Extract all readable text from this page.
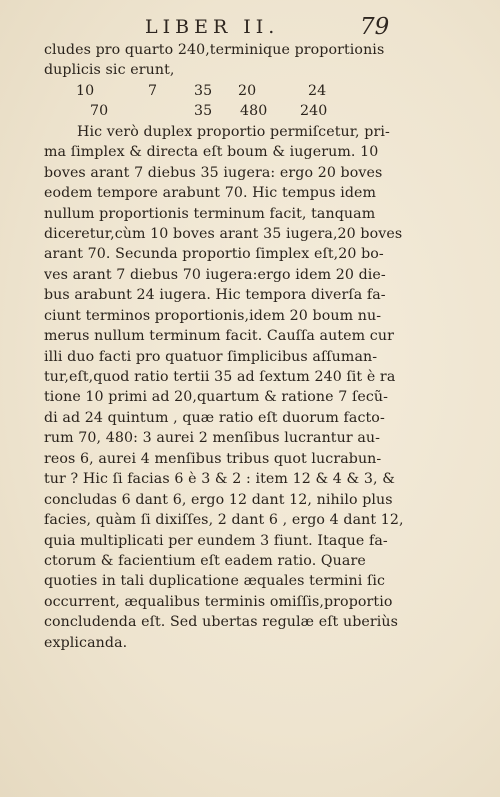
LIBER II.	79
cludes pro quarto 240,terminique proportionis
duplicis sic erunt,
10	7	35 20	24
70	35 480 240
Hic verò duplex proportio permiſcetur, pri-
ma ſimplex & directa eſt boum & iugerum. 10
boves arant 7 diebus 35 iugera: ergo 20 boves
eodem tempore arabunt 70. Hic tempus idem
nullum proportionis terminum facit, tanquam
diceretur,cùm 10 boves arant 35 iugera,20 boves
arant 70. Secunda proportio ſimplex eſt,20 bo-
ves arant 7 diebus 70 iugera:ergo idem 20 die-
bus arabunt 24 iugera. Hic tempora diverſa fa-
ciunt terminos proportionis,idem 20 boum nu-
merus nullum terminum facit. Cauſſa autem cur
illi duo facti pro quatuor ſimplicibus aſſuman-
tur,eſt,quod ratio tertii 35 ad ſextum 240 ſit è ra
tione 10 primi ad 20,quartum & ratione 7 ſecũ-
di ad 24 quintum , quæ ratio eſt duorum facto-
rum 70, 480: 3 aurei 2 menſibus lucrantur au-
reos 6, aurei 4 menſibus tribus quot lucrabun-
tur ? Hic ſi facias 6 è 3 & 2 : item 12 & 4 & 3, &
concludas 6 dant 6, ergo 12 dant 12, nihilo plus
facies, quàm ſi dixiſſes, 2 dant 6 , ergo 4 dant 12,
quia multiplicati per eundem 3 fiunt. Itaque fa-
ctorum & facientium eſt eadem ratio. Quare
quoties in tali duplicatione æquales termini ſic
occurrent, æqualibus terminis omiſſis,proportio
concludenda eſt. Sed ubertas regulæ eſt uberiùs
explicanda.
